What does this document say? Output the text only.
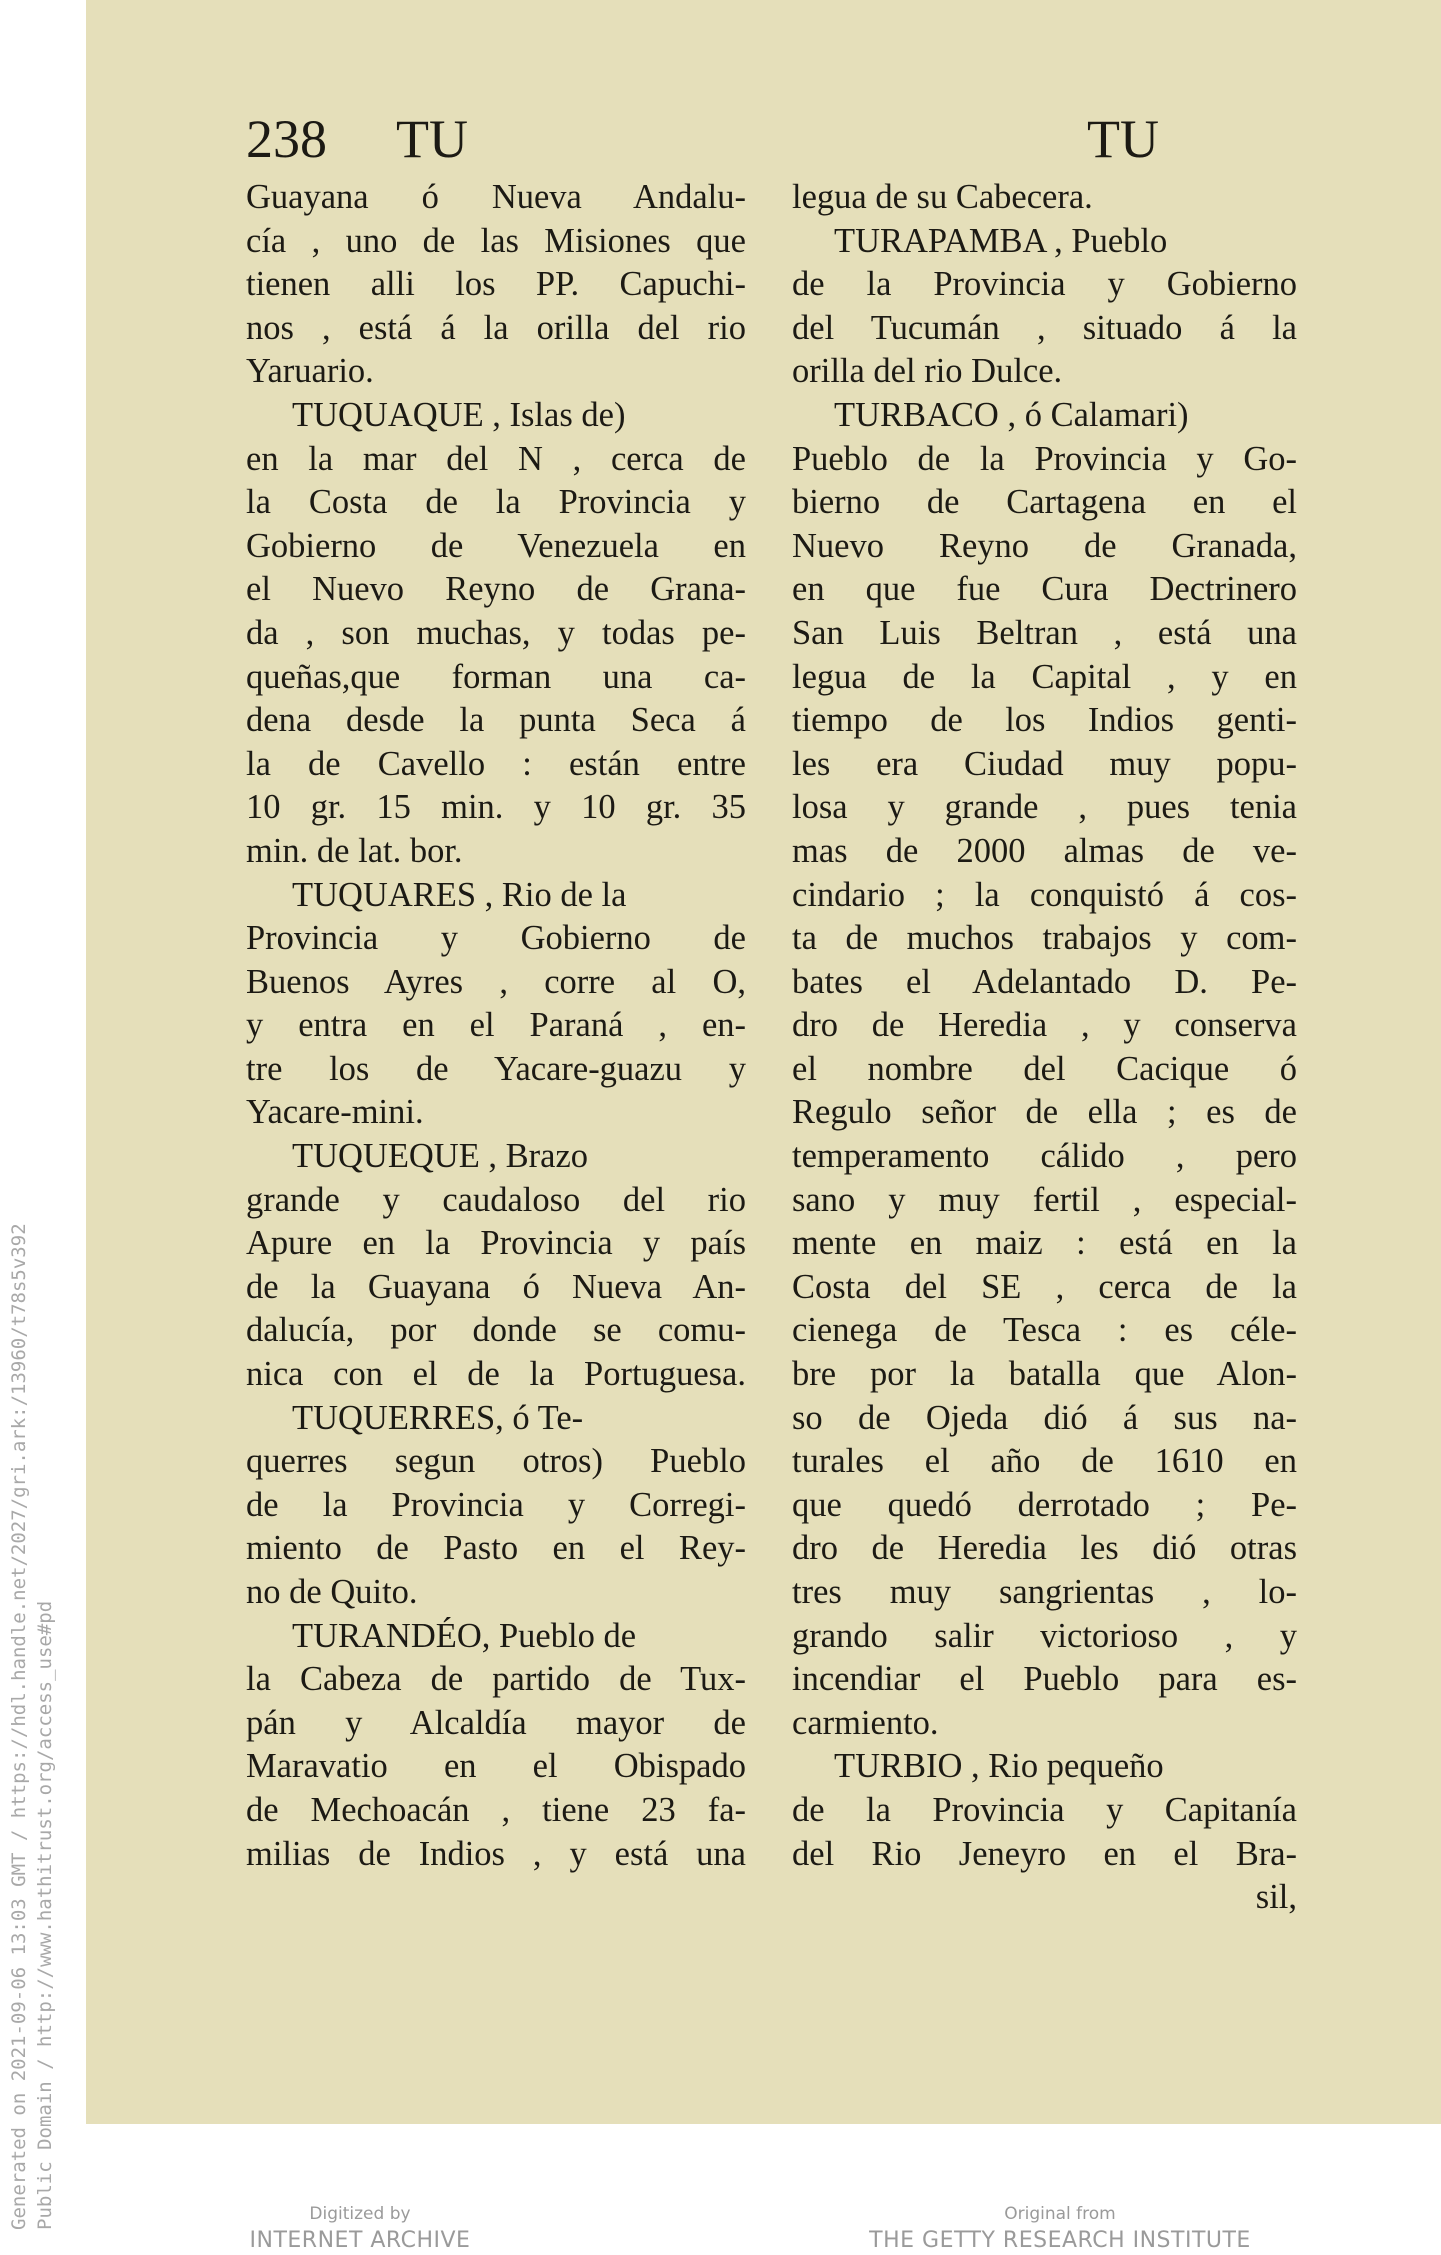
238 TU	TU
Guayana ó Nueva Andalu-
cía , uno de las Misiones que
tienen alli los PP. Capuchi-
nos , está á la orilla del rio
Yaruario.
TUQUAQUE , Islas de)
en la mar del N , cerca de
la Costa de la Provincia y
Gobierno de Venezuela en
el Nuevo Reyno de Grana-
da , son muchas, y todas pe-
queñas,que forman una ca-
dena desde la punta Seca á
la de Cavello : están entre
10 gr. 15 min. y 10 gr. 35
min. de lat. bor.
TUQUARES , Rio de la
Provincia y Gobierno de
Buenos Ayres , corre al O,
y entra en el Paraná , en-
tre los de Yacare-guazu y
Yacare-mini.
TUQUEQUE , Brazo
grande y caudaloso del rio
Apure en la Provincia y país
de la Guayana ó Nueva An-
dalucía, por donde se comu-
nica con el de la Portuguesa.
TUQUERRES, ó Te-
querres segun otros) Pueblo
de la Provincia y Corregi-
miento de Pasto en el Rey-
no de Quito.
TURANDÉO, Pueblo de
la Cabeza de partido de Tux-
pán y Alcaldía mayor de
Maravatio en el Obispado
de Mechoacán , tiene 23 fa-
milias de Indios , y está una
legua de su Cabecera.
TURAPAMBA , Pueblo
de la Provincia y Gobierno
del Tucumán , situado á la
orilla del rio Dulce.
TURBACO , ó Calamari)
Pueblo de la Provincia y Go-
bierno de Cartagena en el
Nuevo Reyno de Granada,
en que fue Cura Dectrinero
San Luis Beltran , está una
legua de la Capital , y en
tiempo de los Indios genti-
les era Ciudad muy popu-
losa y grande , pues tenia
mas de 2000 almas de ve-
cindario ; la conquistó á cos-
ta de muchos trabajos y com-
bates el Adelantado D. Pe-
dro de Heredia , y conserva
el nombre del Cacique ó
Regulo señor de ella ; es de
temperamento cálido , pero
sano y muy fertil , especial-
mente en maiz : está en la
Costa del SE , cerca de la
cienega de Tesca : es céle-
bre por la batalla que Alon-
so de Ojeda dió á sus na-
turales el año de 1610 en
que quedó derrotado ; Pe-
dro de Heredia les dió otras
tres muy sangrientas , lo-
grando salir victorioso , y
incendiar el Pueblo para es-
carmiento.
TURBIO , Rio pequeño
de la Provincia y Capitanía
del Rio Jeneyro en el Bra-
sil,
Generated on 2021-09-06 13:03 GMT / https://hdl.handle.net/2027/gri.ark:/13960/t78s5v392 Public Domain / http://www.hathitrust.org/access_use#pd	Digitized by
INTERNET ARCHIVE
Original from
THE GETTY RESEARCH INSTITUTE
